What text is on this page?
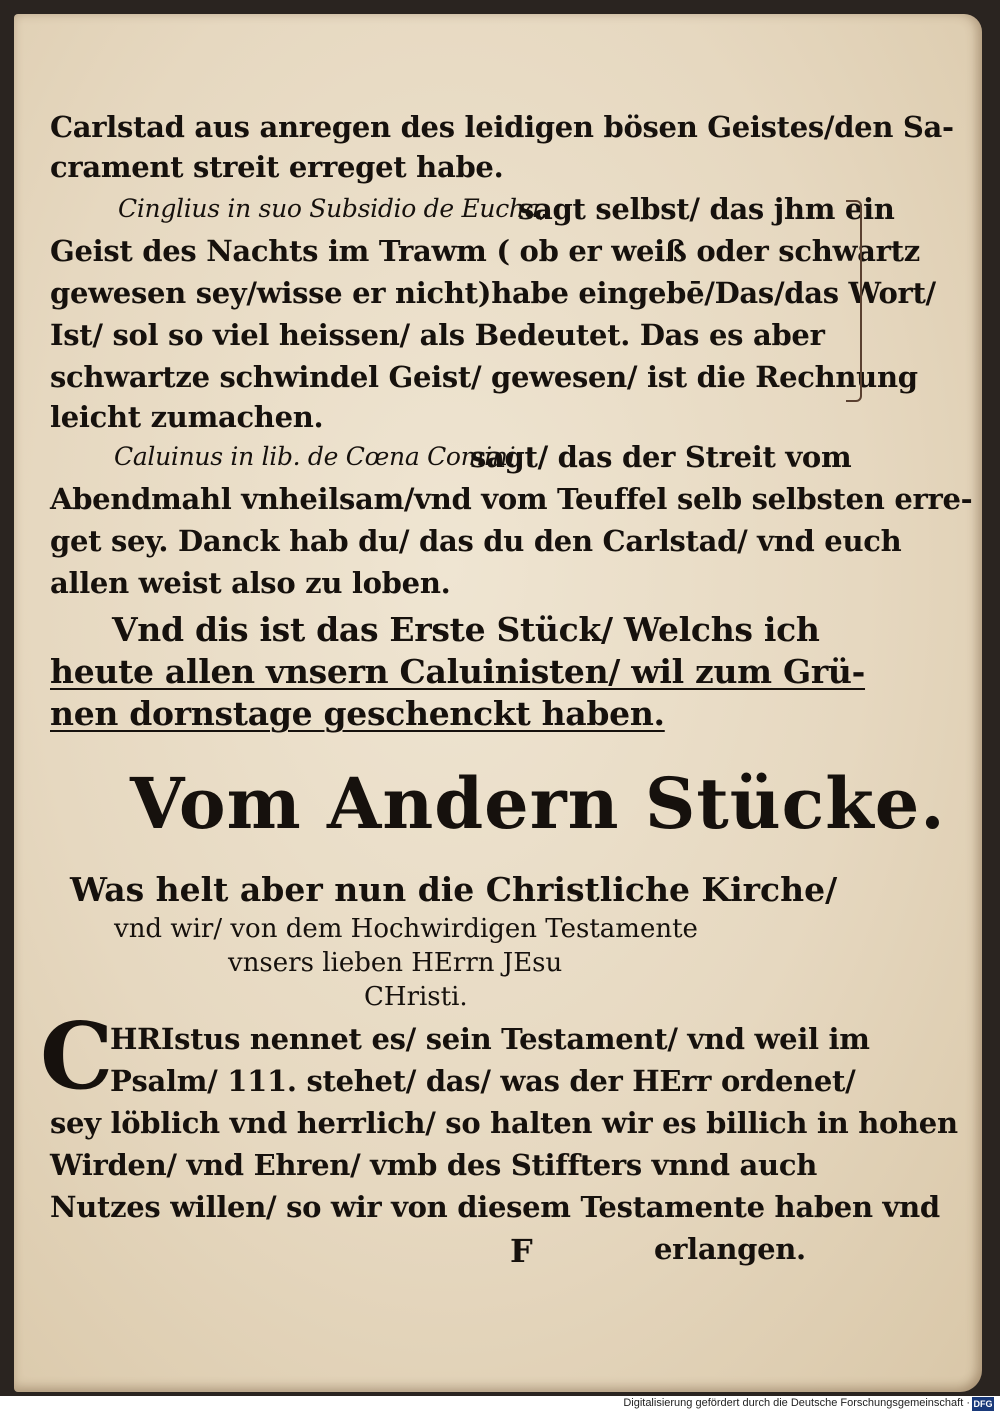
Carlstad aus anregen des leidigen bösen Geistes/den Sa-
crament streit erreget habe.
Cinglius in suo Subsidio de Eucha,
sagt selbst/ das jhm ein
Geist des Nachts im Trawm ( ob er weiß oder schwartz
gewesen sey/wisse er nicht)habe eingebē/Das/das Wort/
Ist/ sol so viel heissen/ als Bedeutet. Das es aber
schwartze schwindel Geist/ gewesen/ ist die Rechnung
leicht zumachen.
Caluinus in lib. de Cœna Comini
sagt/ das der Streit vom
Abendmahl vnheilsam/vnd vom Teuffel selb selbsten erre-
get sey. Danck hab du/ das du den Carlstad/ vnd euch
allen weist also zu loben.
Vnd dis ist das Erste Stück/ Welchs ich
heute allen vnsern Caluinisten/ wil zum Grü-
nen dornstage geschenckt haben.
Vom Andern Stücke.
Was helt aber nun die Christliche Kirche/
vnd wir/ von dem Hochwirdigen Testamente
vnsers lieben HErrn JEsu
CHristi.
C
HRIstus nennet es/ sein Testament/ vnd weil im
Psalm/ 111. stehet/ das/ was der HErr ordenet/
sey löblich vnd herrlich/ so halten wir es billich in hohen
Wirden/ vnd Ehren/ vmb des Stiffters vnnd auch
Nutzes willen/ so wir von diesem Testamente haben vnd
F	erlangen.
Digitalisierung gefördert durch die Deutsche Forschungsgemeinschaft · DFG
